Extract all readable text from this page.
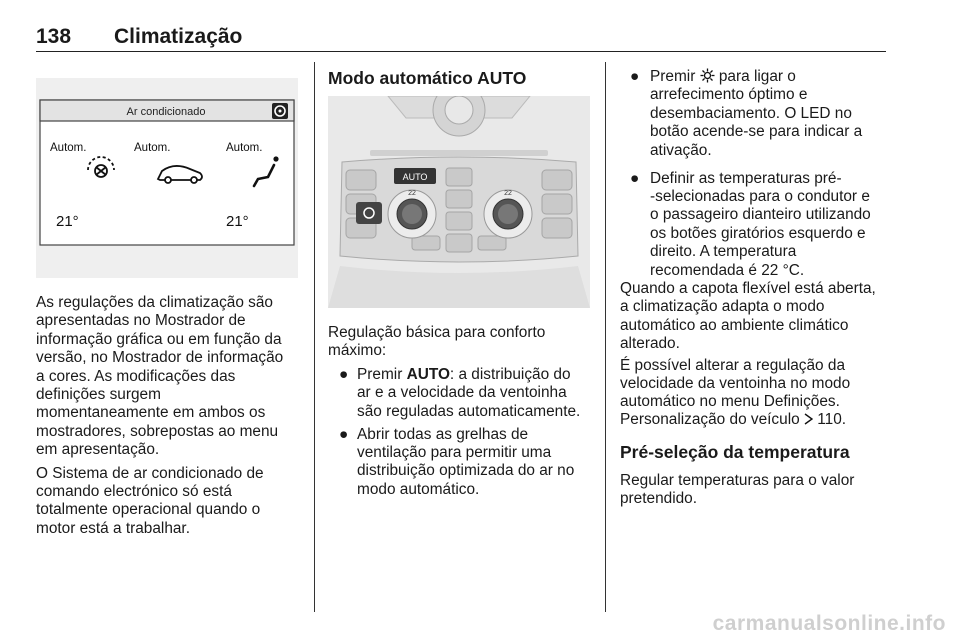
138 Climatização
Ar condicionado
Autom.	Autom.	Autom.
21°	21°

As regulações da climatização são

apresentadas no Mostrador de

informação gráfica ou em função da

versão, no Mostrador de informação

a cores. As modificações das

definições surgem

momentaneamente em ambos os

mostradores, sobrepostas ao menu

em apresentação.

O Sistema de ar condicionado de

comando electrónico só está

totalmente operacional quando o

motor está a trabalhar.

Modo automático AUTO
AUTO
22	22

Regulação básica para conforto

máximo:

● Premir AUTO: a distribuição do

ar e a velocidade da ventoinha

são reguladas automaticamente.

● Abrir todas as grelhas de

ventilação para permitir uma

distribuição optimizada do ar no

modo automático.

● Premir  para ligar o

arrefecimento óptimo e

desembaciamento. O LED no

botão acende-se para indicar a

ativação.

● Definir as temperaturas pré-

-selecionadas para o condutor e

o passageiro dianteiro utilizando

os botões giratórios esquerdo e

direito. A temperatura

recomendada é 22 °C.

Quando a capota flexível está aberta,

a climatização adapta o modo

automático ao ambiente climático

alterado.

É possível alterar a regulação da

velocidade da ventoinha no modo

automático no menu Definições.

Personalização do veículo  110.

Pré-seleção da temperatura

Regular temperaturas para o valor

pretendido.

carmanualsonline.info
